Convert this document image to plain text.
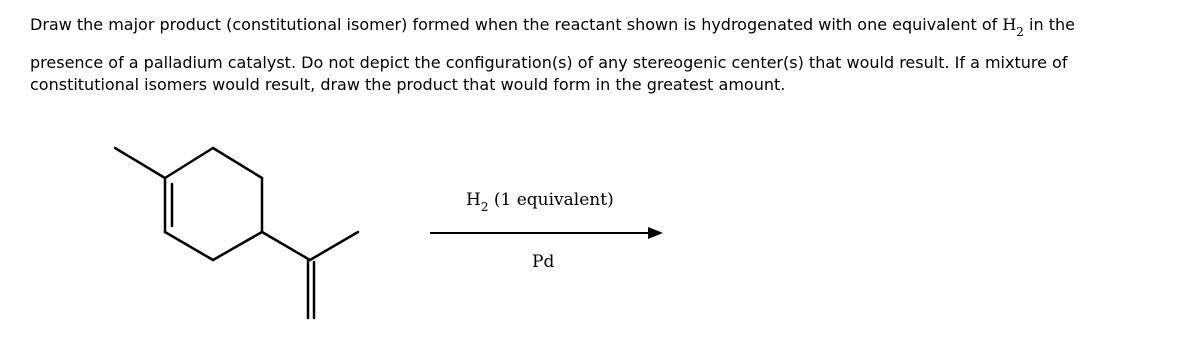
Draw the major product (constitutional isomer) formed when the reactant shown is hydrogenated with one equivalent of $H_2$ in the
presence of a palladium catalyst. Do not depict the configuration(s) of any stereogenic center(s) that would result. If a mixture of
constitutional isomers would result, draw the product that would form in the greatest amount.
$H_2$ (1 equivalent)
Pd
